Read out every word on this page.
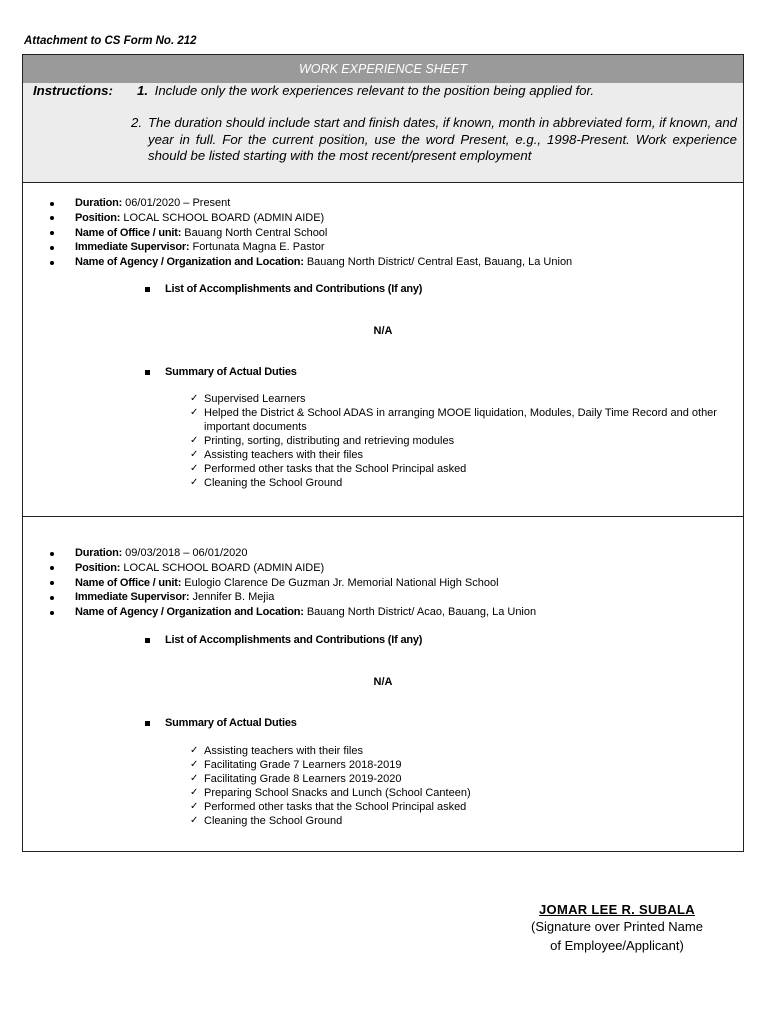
Attachment to CS Form No. 212
WORK EXPERIENCE SHEET
Instructions: 1. Include only the work experiences relevant to the position being applied for.
2. The duration should include start and finish dates, if known, month in abbreviated form, if known, and year in full. For the current position, use the word Present, e.g., 1998-Present. Work experience should be listed starting with the most recent/present employment
Duration: 06/01/2020 – Present
Position: LOCAL SCHOOL BOARD (ADMIN AIDE)
Name of Office / unit: Bauang North Central School
Immediate Supervisor: Fortunata Magna E. Pastor
Name of Agency / Organization and Location: Bauang North District/ Central East, Bauang, La Union
List of Accomplishments and Contributions (If any)
N/A
Summary of Actual Duties
✓ Supervised Learners
✓ Helped the District & School ADAS in arranging MOOE liquidation, Modules, Daily Time Record and other important documents
✓ Printing, sorting, distributing and retrieving modules
✓ Assisting teachers with their files
✓ Performed other tasks that the School Principal asked
✓ Cleaning the School Ground
Duration: 09/03/2018 – 06/01/2020
Position: LOCAL SCHOOL BOARD (ADMIN AIDE)
Name of Office / unit: Eulogio Clarence De Guzman Jr. Memorial National High School
Immediate Supervisor: Jennifer B. Mejia
Name of Agency / Organization and Location: Bauang North District/ Acao, Bauang, La Union
List of Accomplishments and Contributions (If any)
N/A
Summary of Actual Duties
✓ Assisting teachers with their files
✓ Facilitating Grade 7 Learners 2018-2019
✓ Facilitating Grade 8 Learners 2019-2020
✓ Preparing School Snacks and Lunch (School Canteen)
✓ Performed other tasks that the School Principal asked
✓ Cleaning the School Ground
JOMAR LEE R. SUBALA
(Signature over Printed Name
of Employee/Applicant)
